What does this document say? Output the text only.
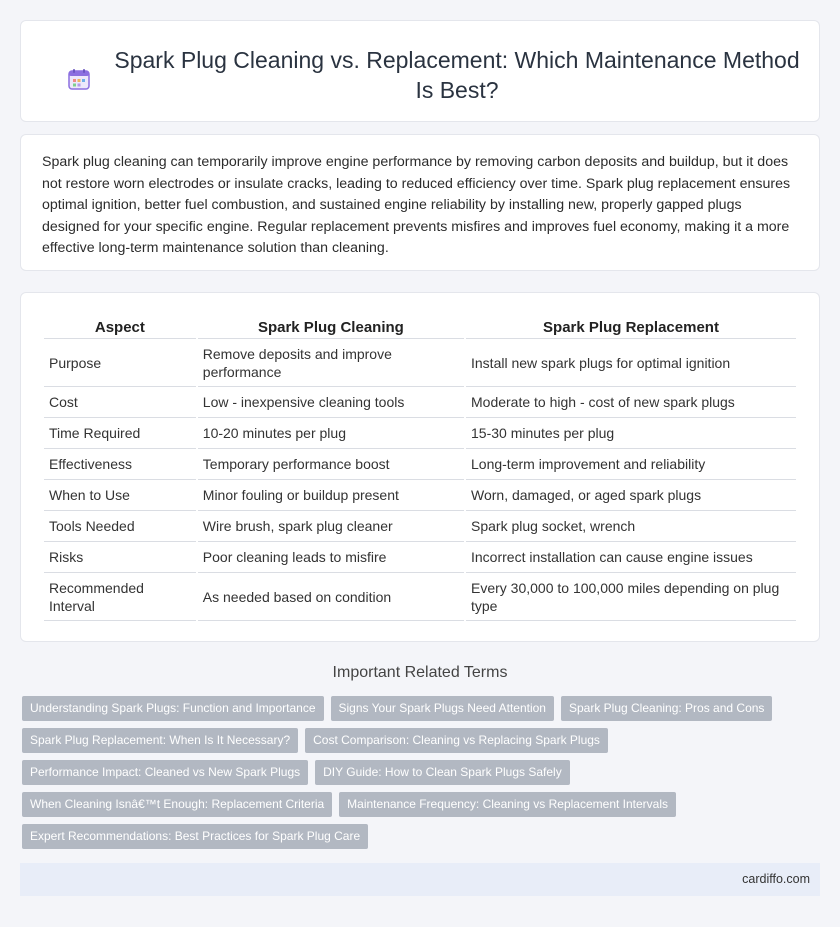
Spark Plug Cleaning vs. Replacement: Which Maintenance Method Is Best?

Spark plug cleaning can temporarily improve engine performance by removing carbon deposits and buildup, but it does not restore worn electrodes or insulate cracks, leading to reduced efficiency over time. Spark plug replacement ensures optimal ignition, better fuel combustion, and sustained engine reliability by installing new, properly gapped plugs designed for your specific engine. Regular replacement prevents misfires and improves fuel economy, making it a more effective long-term maintenance solution than cleaning.

Aspect	Spark Plug Cleaning	Spark Plug Replacement
Purpose	Remove deposits and improve performance	Install new spark plugs for optimal ignition
Cost	Low - inexpensive cleaning tools	Moderate to high - cost of new spark plugs
Time Required	10-20 minutes per plug	15-30 minutes per plug
Effectiveness	Temporary performance boost	Long-term improvement and reliability
When to Use	Minor fouling or buildup present	Worn, damaged, or aged spark plugs
Tools Needed	Wire brush, spark plug cleaner	Spark plug socket, wrench
Risks	Poor cleaning leads to misfire	Incorrect installation can cause engine issues
Recommended Interval	As needed based on condition	Every 30,000 to 100,000 miles depending on plug type
Important Related Terms
Understanding Spark Plugs: Function and Importance	Signs Your Spark Plugs Need Attention	Spark Plug Cleaning: Pros and Cons
Spark Plug Replacement: When Is It Necessary?	Cost Comparison: Cleaning vs Replacing Spark Plugs
Performance Impact: Cleaned vs New Spark Plugs	DIY Guide: How to Clean Spark Plugs Safely
When Cleaning Isnâ€™t Enough: Replacement Criteria	Maintenance Frequency: Cleaning vs Replacement Intervals
Expert Recommendations: Best Practices for Spark Plug Care
cardiffo.com
